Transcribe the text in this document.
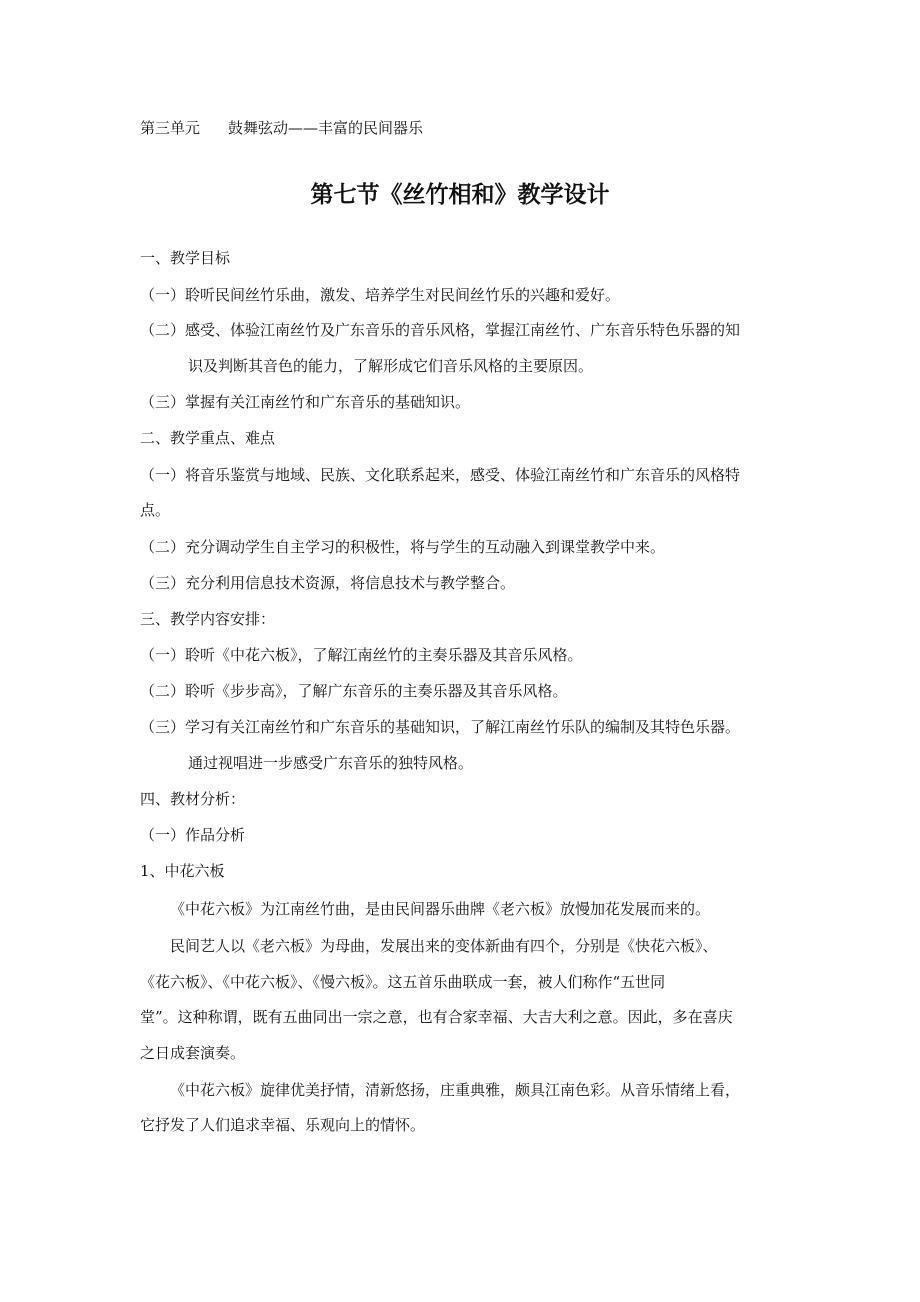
第三单元 鼓舞弦动——丰富的民间器乐
第七节《丝竹相和》教学设计
一、教学目标
（一）聆听民间丝竹乐曲，激发、培养学生对民间丝竹乐的兴趣和爱好。
（二）感受、体验江南丝竹及广东音乐的音乐风格，掌握江南丝竹、广东音乐特色乐器的知
识及判断其音色的能力，了解形成它们音乐风格的主要原因。
（三）掌握有关江南丝竹和广东音乐的基础知识。
二、教学重点、难点
（一）将音乐鉴赏与地域、民族、文化联系起来，感受、体验江南丝竹和广东音乐的风格特
点。
（二）充分调动学生自主学习的积极性，将与学生的互动融入到课堂教学中来。
（三）充分利用信息技术资源，将信息技术与教学整合。
三、教学内容安排：
（一）聆听《中花六板》，了解江南丝竹的主奏乐器及其音乐风格。
（二）聆听《步步高》，了解广东音乐的主奏乐器及其音乐风格。
（三）学习有关江南丝竹和广东音乐的基础知识，了解江南丝竹乐队的编制及其特色乐器。
通过视唱进一步感受广东音乐的独特风格。
四、教材分析：
（一）作品分析
1、中花六板
《中花六板》为江南丝竹曲，是由民间器乐曲牌《老六板》放慢加花发展而来的。
民间艺人以《老六板》为母曲，发展出来的变体新曲有四个，分别是《快花六板》、
《花六板》、《中花六板》、《慢六板》。这五首乐曲联成一套，被人们称作“五世同
堂”。这种称谓，既有五曲同出一宗之意，也有合家幸福、大吉大利之意。因此，多在喜庆
之日成套演奏。
《中花六板》旋律优美抒情，清新悠扬，庄重典雅，颇具江南色彩。从音乐情绪上看，
它抒发了人们追求幸福、乐观向上的情怀。
